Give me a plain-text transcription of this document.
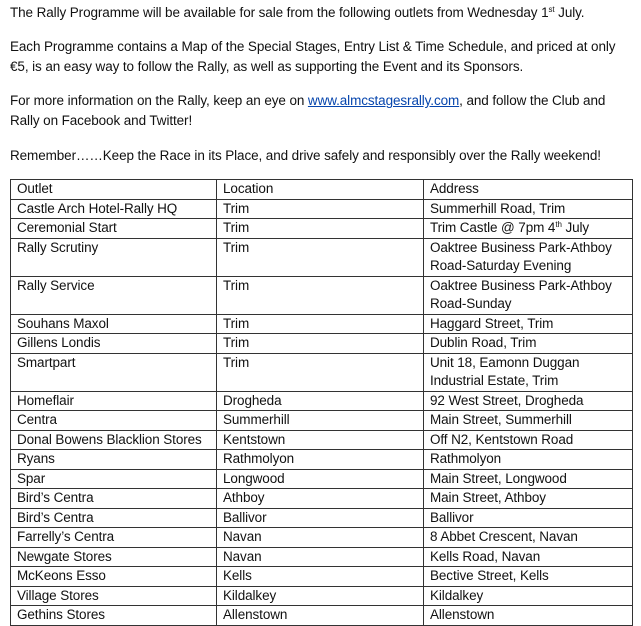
The Rally Programme will be available for sale from the following outlets from Wednesday 1st July.

Each Programme contains a Map of the Special Stages, Entry List & Time Schedule, and priced at only €5, is an easy way to follow the Rally, as well as supporting the Event and its Sponsors.

For more information on the Rally, keep an eye on www.almcstagesrally.com, and follow the Club and Rally on Facebook and Twitter!

Remember……Keep the Race in its Place, and drive safely and responsibly over the Rally weekend!

Outlet	Location	Address
Castle Arch Hotel-Rally HQ	Trim	Summerhill Road, Trim
Ceremonial Start	Trim	Trim Castle @ 7pm 4th July
Rally Scrutiny	Trim	Oaktree Business Park-Athboy Road-Saturday Evening
Rally Service	Trim	Oaktree Business Park-Athboy Road-Sunday
Souhans Maxol	Trim	Haggard Street, Trim
Gillens Londis	Trim	Dublin Road, Trim
Smartpart	Trim	Unit 18, Eamonn Duggan Industrial Estate, Trim
Homeflair	Drogheda	92 West Street, Drogheda
Centra	Summerhill	Main Street, Summerhill
Donal Bowens Blacklion Stores	Kentstown	Off N2, Kentstown Road
Ryans	Rathmolyon	Rathmolyon
Spar	Longwood	Main Street, Longwood
Bird’s Centra	Athboy	Main Street, Athboy
Bird’s Centra	Ballivor	Ballivor
Farrelly’s Centra	Navan	8 Abbet Crescent, Navan
Newgate Stores	Navan	Kells Road, Navan
McKeons Esso	Kells	Bective Street, Kells
Village Stores	Kildalkey	Kildalkey
Gethins Stores	Allenstown	Allenstown
